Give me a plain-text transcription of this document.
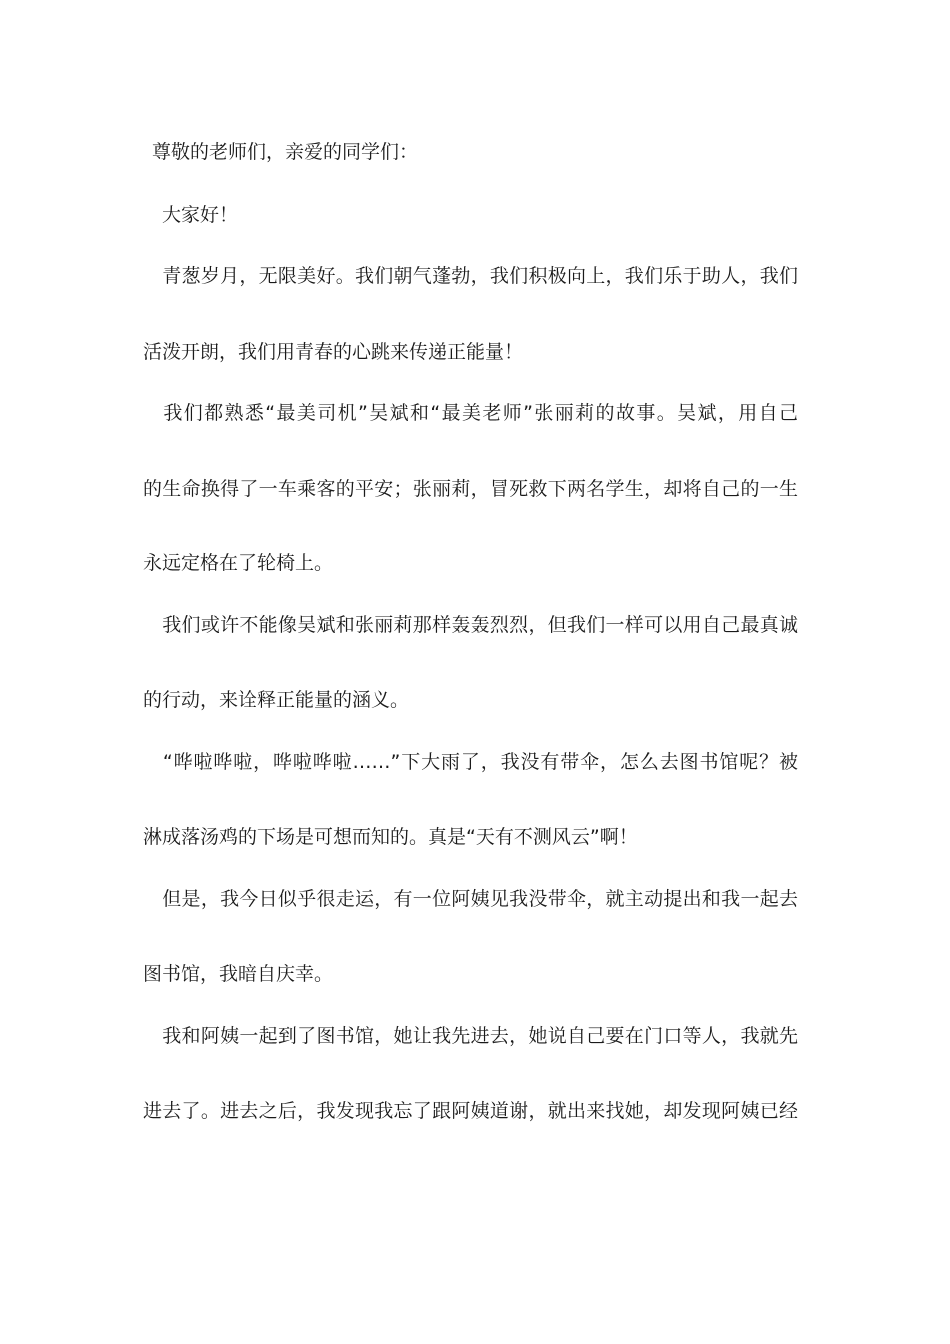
尊敬的老师们，亲爱的同学们：
大家好！
　青葱岁月，无限美好。我们朝气蓬勃，我们积极向上，我们乐于助人，我们
活泼开朗，我们用青春的心跳来传递正能量！
　我们都熟悉“最美司机”吴斌和“最美老师”张丽莉的故事。吴斌，用自己
的生命换得了一车乘客的平安；张丽莉，冒死救下两名学生，却将自己的一生
永远定格在了轮椅上。
　我们或许不能像吴斌和张丽莉那样轰轰烈烈，但我们一样可以用自己最真诚
的行动，来诠释正能量的涵义。
　“哗啦哗啦，哗啦哗啦……”下大雨了，我没有带伞，怎么去图书馆呢？被
淋成落汤鸡的下场是可想而知的。真是“天有不测风云”啊！
　但是，我今日似乎很走运，有一位阿姨见我没带伞，就主动提出和我一起去
图书馆，我暗自庆幸。
　我和阿姨一起到了图书馆，她让我先进去，她说自己要在门口等人，我就先
进去了。进去之后，我发现我忘了跟阿姨道谢，就出来找她，却发现阿姨已经
